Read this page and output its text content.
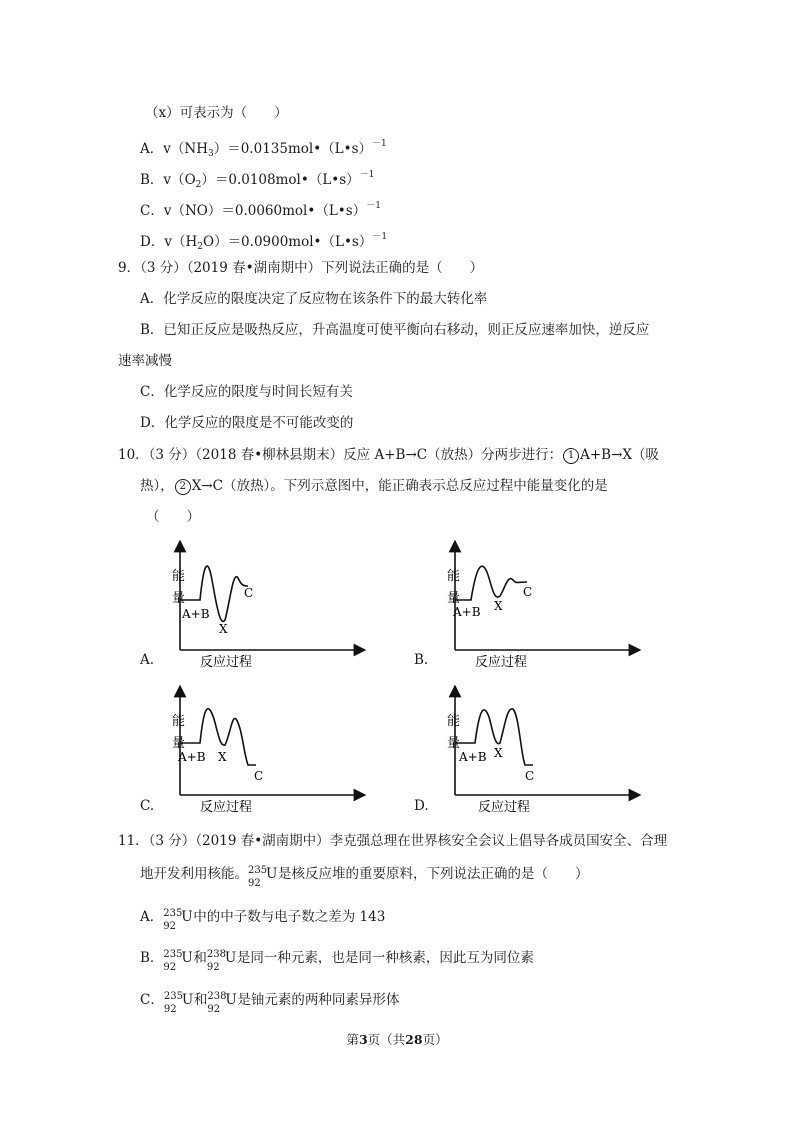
（x）可表示为（　　）
A．$v(NH_3)=0.0135mol•(L•s)^{-1}$
B．$v(O_2)=0.0108mol•(L•s)^{-1}$
C．v（NO）＝0.0060mol•（L•s）$^{-1}$
D．$v(H_2O)=0.0900mol•(L•s)^{-1}$
9．（3 分）（2019 春•湖南期中）下列说法正确的是（　　）
A．化学反应的限度决定了反应物在该条件下的最大转化率
B．已知正反应是吸热反应，升高温度可使平衡向右移动，则正反应速率加快，逆反应
速率减慢
C．化学反应的限度与时间长短有关
D．化学反应的限度是不可能改变的
10．（3 分）（2018 春•柳林县期末）反应 A+B→C（放热）分两步进行： 1 A+B→X（吸
热）， 2 X→C（放热）。下列示意图中，能正确表示总反应过程中能量变化的是
（　　）
A.
能
量
A+B
X
C
反应过程	B.
能
量
A+B X
C
反应过程
C.
能
量
A+B X
C
反应过程	D.
能
量
A+B X
C
反应过程
11．（3 分）（2019 春•湖南期中）李克强总理在世界核安全会议上倡导各成员国安全、合理
地开发利用核能。 235
92
U 是核反应堆的重要原料，下列说法正确的是（　　）
A． 235
92
U 中的中子数与电子数之差为 143
B． 235
92
U 和 238
92
U 是同一种元素，也是同一种核素，因此互为同位素
C． 235
92
U 和 238
92
U 是铀元素的两种同素异形体
第3页（共28页）
